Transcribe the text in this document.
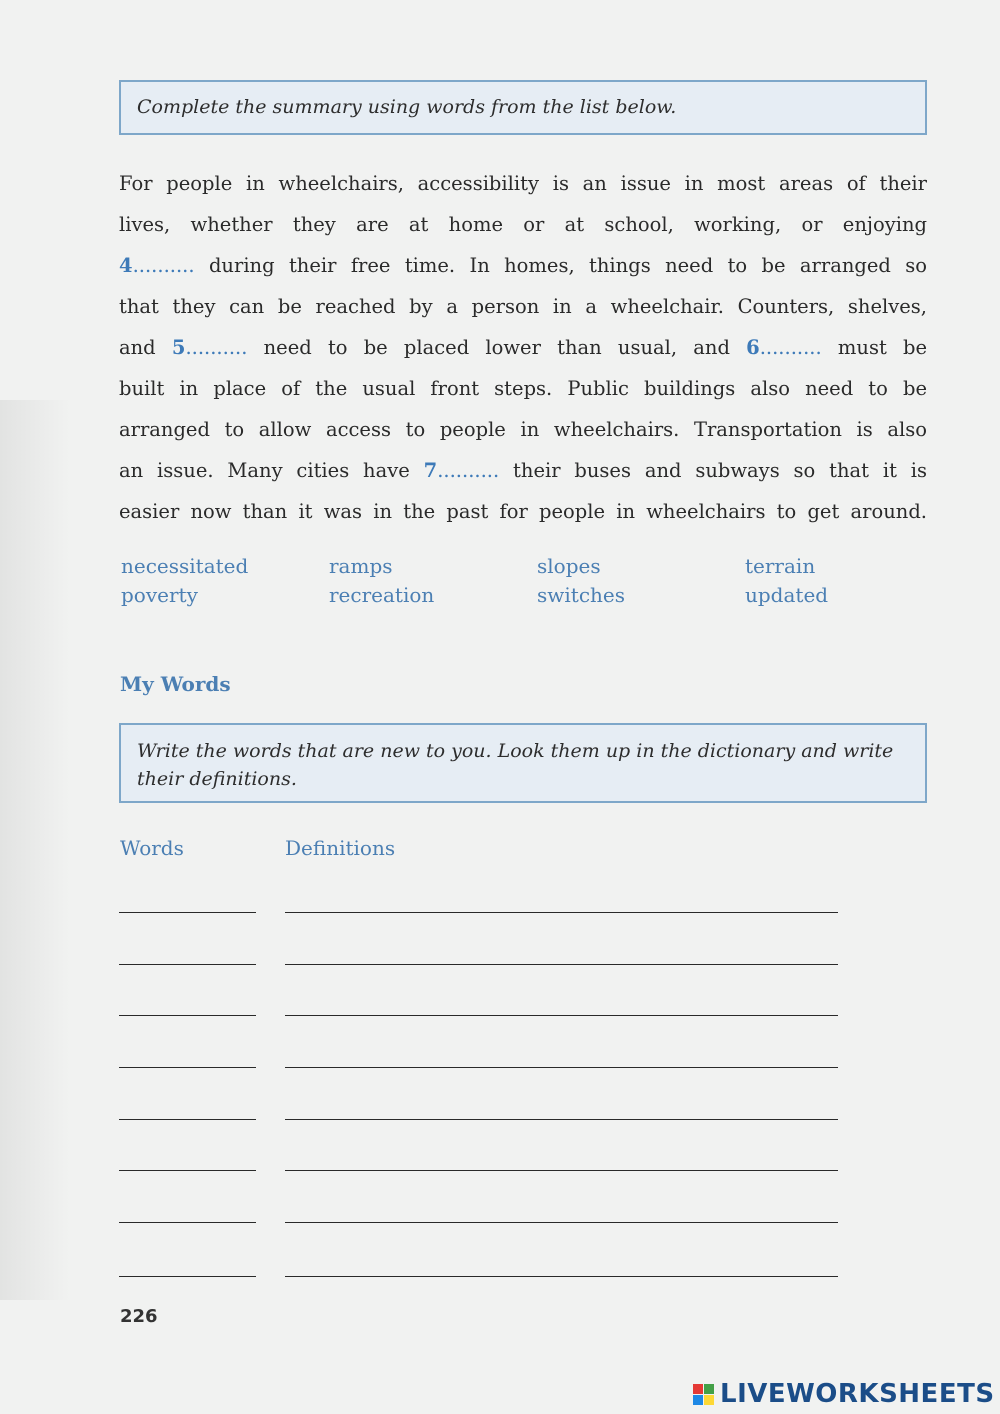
Complete the summary using words from the list below.
For people in wheelchairs, accessibility is an issue in most areas of their
lives, whether they are at home or at school, working, or enjoying
4.......... during their free time. In homes, things need to be arranged so
that they can be reached by a person in a wheelchair. Counters, shelves,
and 5.......... need to be placed lower than usual, and 6.......... must be
built in place of the usual front steps. Public buildings also need to be
arranged to allow access to people in wheelchairs. Transportation is also
an issue. Many cities have 7.......... their buses and subways so that it is
easier now than it was in the past for people in wheelchairs to get around.
necessitated	ramps	slopes	terrain
poverty	recreation	switches	updated
My Words
Write the words that are new to you. Look them up in the dictionary and write their definitions.
Words	Definitions
226
LIVEWORKSHEETS
